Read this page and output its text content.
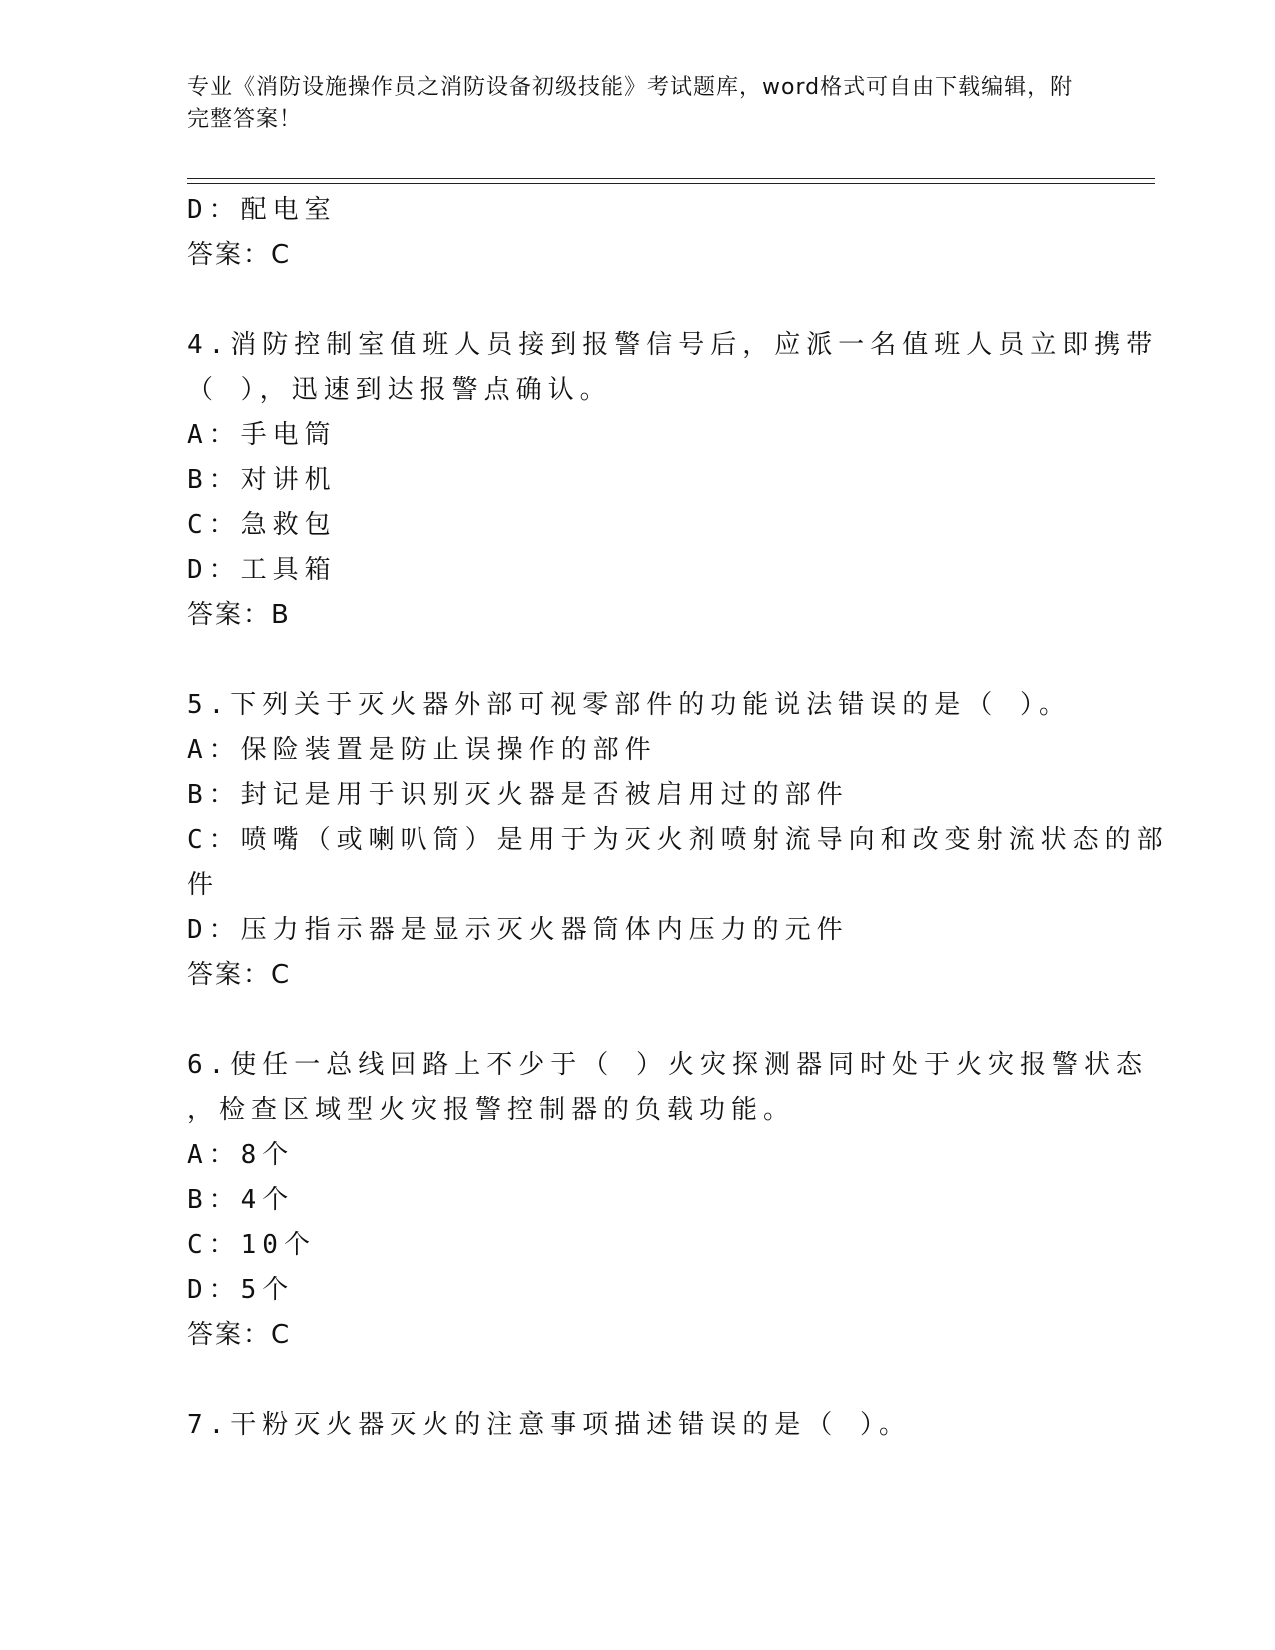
专业《消防设施操作员之消防设备初级技能》考试题库，word格式可自由下载编辑，附完整答案！
D：配电室
答案：C
4.消防控制室值班人员接到报警信号后，应派一名值班人员立即携带
（ ），迅速到达报警点确认。
A：手电筒
B：对讲机
C：急救包
D：工具箱
答案：B
5.下列关于灭火器外部可视零部件的功能说法错误的是（ ）。
A：保险装置是防止误操作的部件
B：封记是用于识别灭火器是否被启用过的部件
C：喷嘴（或喇叭筒）是用于为灭火剂喷射流导向和改变射流状态的部
件
D：压力指示器是显示灭火器筒体内压力的元件
答案：C
6.使任一总线回路上不少于（ ）火灾探测器同时处于火灾报警状态
，检查区域型火灾报警控制器的负载功能。
A：8个
B：4个
C：10个
D：5个
答案：C
7.干粉灭火器灭火的注意事项描述错误的是（ ）。
